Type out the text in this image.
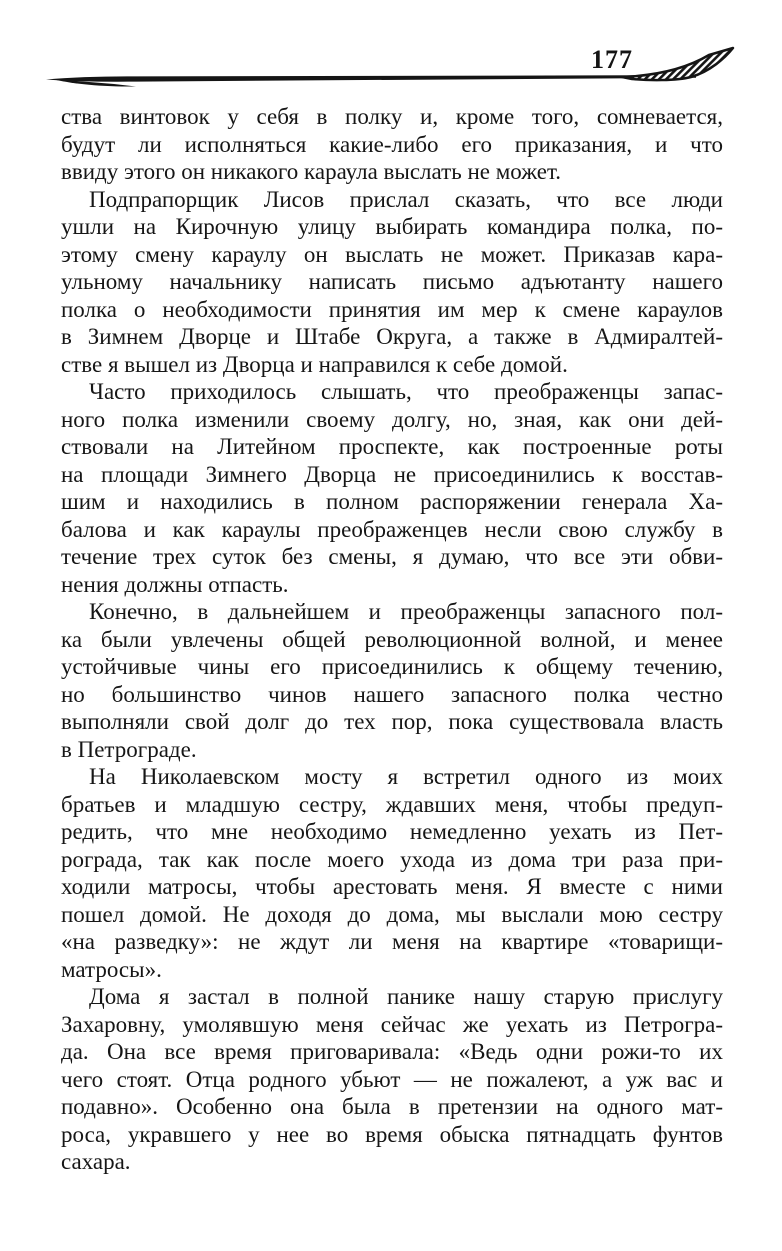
177
ства винтовок у себя в полку и, кроме того, сомневается,
будут ли исполняться какие-либо его приказания, и что
ввиду этого он никакого караула выслать не может.
Подпрапорщик Лисов прислал сказать, что все люди
ушли на Кирочную улицу выбирать командира полка, по-
этому смену караулу он выслать не может. Приказав кара-
ульному начальнику написать письмо адъютанту нашего
полка о необходимости принятия им мер к смене караулов
в Зимнем Дворце и Штабе Округа, а также в Адмиралтей-
стве я вышел из Дворца и направился к себе домой.
Часто приходилось слышать, что преображенцы запас-
ного полка изменили своему долгу, но, зная, как они дей-
ствовали на Литейном проспекте, как построенные роты
на площади Зимнего Дворца не присоединились к восстав-
шим и находились в полном распоряжении генерала Ха-
балова и как караулы преображенцев несли свою службу в
течение трех суток без смены, я думаю, что все эти обви-
нения должны отпасть.
Конечно, в дальнейшем и преображенцы запасного пол-
ка были увлечены общей революционной волной, и менее
устойчивые чины его присоединились к общему течению,
но большинство чинов нашего запасного полка честно
выполняли свой долг до тех пор, пока существовала власть
в Петрограде.
На Николаевском мосту я встретил одного из моих
братьев и младшую сестру, ждавших меня, чтобы предуп-
редить, что мне необходимо немедленно уехать из Пет-
рограда, так как после моего ухода из дома три раза при-
ходили матросы, чтобы арестовать меня. Я вместе с ними
пошел домой. Не доходя до дома, мы выслали мою сестру
«на разведку»: не ждут ли меня на квартире «товарищи-
матросы».
Дома я застал в полной панике нашу старую прислугу
Захаровну, умолявшую меня сейчас же уехать из Петрогра-
да. Она все время приговаривала: «Ведь одни рожи-то их
чего стоят. Отца родного убьют — не пожалеют, а уж вас и
подавно». Особенно она была в претензии на одного мат-
роса, укравшего у нее во время обыска пятнадцать фунтов
сахара.
